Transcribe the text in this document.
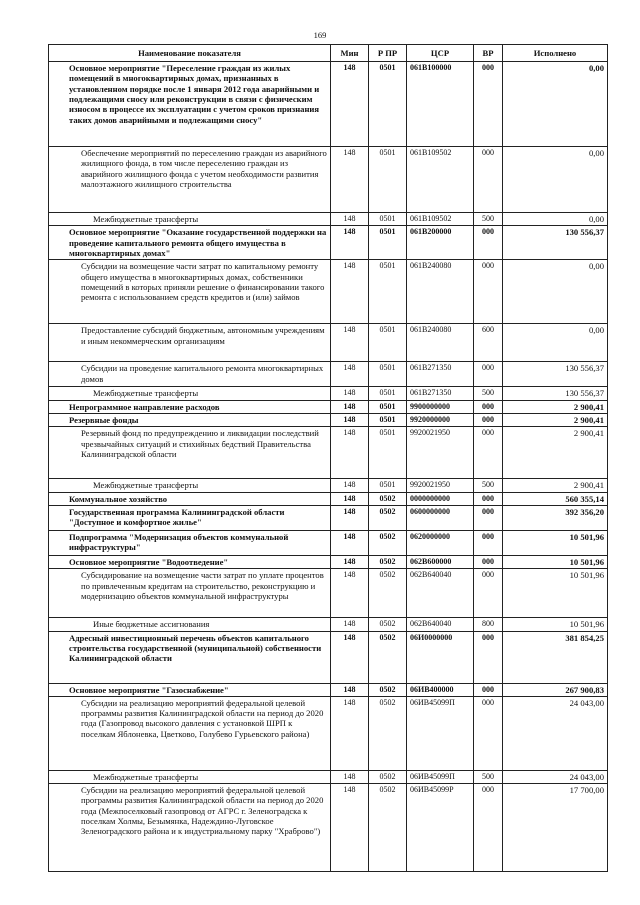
169
Наименование показателя	Мин	Р ПР	ЦСР	ВР	Исполнено
Основное мероприятие "Переселение граждан из жилых помещений в многоквартирных домах, признанных в установленном порядке после 1 января 2012 года аварийными и подлежащими сносу или реконструкции в связи с физическим износом в процессе их эксплуатации с учетом сроков признания таких домов аварийными и подлежащими сносу"	148	0501	061B100000	000	0,00
Обеспечение мероприятий по переселению граждан из аварийного жилищного фонда, в том числе переселению граждан из аварийного жилищного фонда с учетом необходимости развития малоэтажного жилищного строительства	148	0501	061B109502	000	0,00
Межбюджетные трансферты	148	0501	061B109502	500	0,00
Основное мероприятие "Оказание государственной поддержки на проведение капитального ремонта общего имущества в многоквартирных домах"	148	0501	061B200000	000	130 556,37
Субсидии на возмещение части затрат по капитальному ремонту общего имущества в многоквартирных домах, собственники помещений в которых приняли решение о финансировании такого ремонта с использованием средств кредитов и (или) займов	148	0501	061B240080	000	0,00
Предоставление субсидий бюджетным, автономным учреждениям и иным некоммерческим организациям	148	0501	061B240080	600	0,00
Субсидии на проведение капитального ремонта многоквартирных домов	148	0501	061B271350	000	130 556,37
Межбюджетные трансферты	148	0501	061B271350	500	130 556,37
Непрограммное направление расходов	148	0501	9900000000	000	2 900,41
Резервные фонды	148	0501	9920000000	000	2 900,41
Резервный фонд по предупреждению и ликвидации последствий чрезвычайных ситуаций и стихийных бедствий Правительства Калининградской области	148	0501	9920021950	000	2 900,41
Межбюджетные трансферты	148	0501	9920021950	500	2 900,41
Коммунальное хозяйство	148	0502	0000000000	000	560 355,14
Государственная программа Калининградской области "Доступное и комфортное жилье"	148	0502	0600000000	000	392 356,20
Подпрограмма "Модернизация объектов коммунальной инфраструктуры"	148	0502	0620000000	000	10 501,96
Основное мероприятие "Водоотведение"	148	0502	062B600000	000	10 501,96
Субсидирование на возмещение части затрат по уплате процентов по привлеченным кредитам на строительство, реконструкцию и модернизацию объектов коммунальной инфраструктуры	148	0502	062B640040	000	10 501,96
Иные бюджетные ассигнования	148	0502	062B640040	800	10 501,96
Адресный инвестиционный перечень объектов капитального строительства государственной (муниципальной) собственности Калининградской области	148	0502	06И0000000	000	381 854,25
Основное мероприятие "Газоснабжение"	148	0502	06ИВ400000	000	267 900,83
Субсидии на реализацию мероприятий федеральной целевой программы развития Калининградской области на период до 2020 года (Газопровод высокого давления с установкой ШРП к поселкам Яблоневка, Цветково, Голубево Гурьевского района)	148	0502	06ИВ45099П	000	24 043,00
Межбюджетные трансферты	148	0502	06ИВ45099П	500	24 043,00
Субсидии на реализацию мероприятий федеральной целевой программы развития Калининградской области на период до 2020 года (Межпоселковый газопровод от АГРС г. Зеленоградска к поселкам Холмы, Безымянка, Надеждино-Луговское Зеленоградского района и к индустриальному парку "Храброво")	148	0502	06ИВ45099Р	000	17 700,00
